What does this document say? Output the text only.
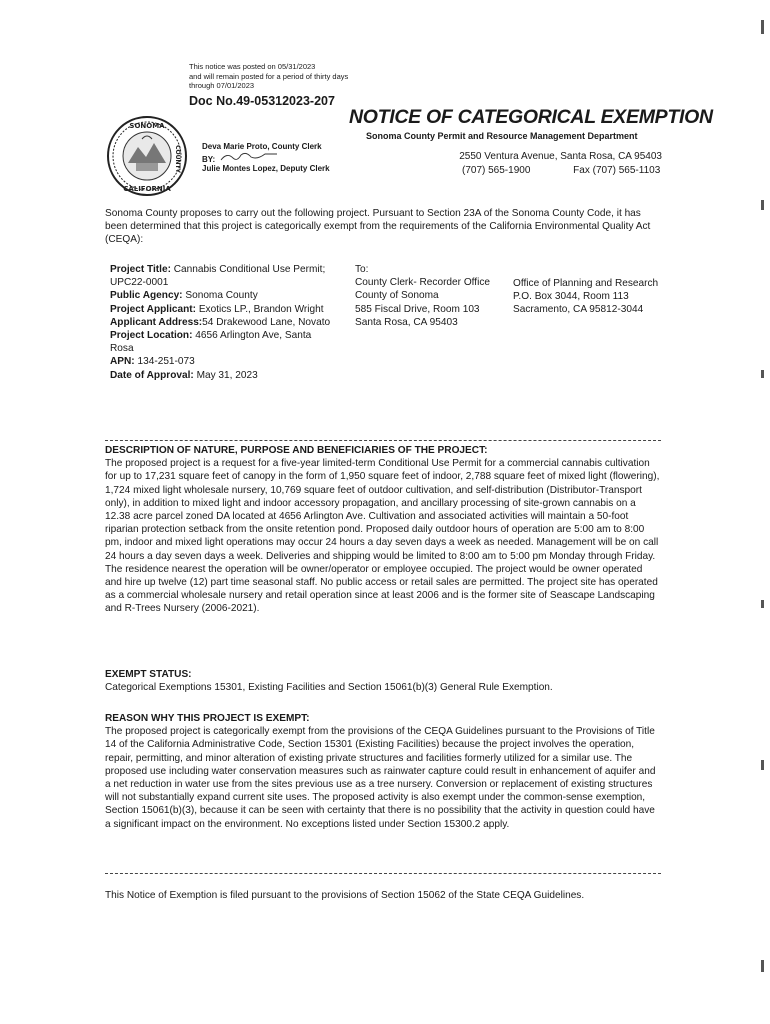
This notice was posted on 05/31/2023
and will remain posted for a period of thirty days
through 07/01/2023
Doc No.49-05312023-207
NOTICE OF CATEGORICAL EXEMPTION
Sonoma County Permit and Resource Management Department
SONOMA
COUNTY
CALIFORNIA
Deva Marie Proto, County Clerk
BY:
Julie Montes Lopez, Deputy Clerk
2550 Ventura Avenue, Santa Rosa, CA 95403
(707) 565-1900	Fax (707) 565-1103
Sonoma County proposes to carry out the following project. Pursuant to Section 23A of the Sonoma County Code, it has been determined that this project is categorically exempt from the requirements of the California Environmental Quality Act (CEQA):
Project Title: Cannabis Conditional Use Permit; UPC22-0001
Public Agency: Sonoma County
Project Applicant: Exotics LP., Brandon Wright
Applicant Address:54 Drakewood Lane, Novato
Project Location: 4656 Arlington Ave, Santa Rosa
APN: 134-251-073
Date of Approval: May 31, 2023
To:
County Clerk- Recorder Office
County of Sonoma
585 Fiscal Drive, Room 103
Santa Rosa, CA 95403
Office of Planning and Research
P.O. Box 3044, Room 113
Sacramento, CA 95812-3044
DESCRIPTION OF NATURE, PURPOSE AND BENEFICIARIES OF THE PROJECT:
The proposed project is a request for a five-year limited-term Conditional Use Permit for a commercial cannabis cultivation for up to 17,231 square feet of canopy in the form of 1,950 square feet of indoor, 2,788 square feet of mixed light (flowering), 1,724 mixed light wholesale nursery, 10,769 square feet of outdoor cultivation, and self-distribution (Distributor-Transport only), in addition to mixed light and indoor accessory propagation, and ancillary processing of site-grown cannabis on a 12.38 acre parcel zoned DA located at 4656 Arlington Ave. Cultivation and associated activities will maintain a 50-foot riparian protection setback from the onsite retention pond. Proposed daily outdoor hours of operation are 5:00 am to 8:00 pm, indoor and mixed light operations may occur 24 hours a day seven days a week as needed. Management will be on call 24 hours a day seven days a week. Deliveries and shipping would be limited to 8:00 am to 5:00 pm Monday through Friday. The residence nearest the operation will be owner/operator or employee occupied. The project would be owner operated and hire up twelve (12) part time seasonal staff. No public access or retail sales are permitted. The project site has operated as a commercial wholesale nursery and retail operation since at least 2006 and is the former site of Seascape Landscaping and R-Trees Nursery (2006-2021).
EXEMPT STATUS:
Categorical Exemptions 15301, Existing Facilities and Section 15061(b)(3) General Rule Exemption.
REASON WHY THIS PROJECT IS EXEMPT:
The proposed project is categorically exempt from the provisions of the CEQA Guidelines pursuant to the Provisions of Title 14 of the California Administrative Code, Section 15301 (Existing Facilities) because the project involves the operation, repair, permitting, and minor alteration of existing private structures and facilities formerly utilized for a similar use. The proposed use including water conservation measures such as rainwater capture could result in enhancement of aquifer and a net reduction in water use from the sites previous use as a tree nursery. Conversion or replacement of existing structures will not substantially expand current site uses. The proposed activity is also exempt under the common-sense exemption, Section 15061(b)(3), because it can be seen with certainty that there is no possibility that the activity in question could have a significant impact on the environment. No exceptions listed under Section 15300.2 apply.
This Notice of Exemption is filed pursuant to the provisions of Section 15062 of the State CEQA Guidelines.
